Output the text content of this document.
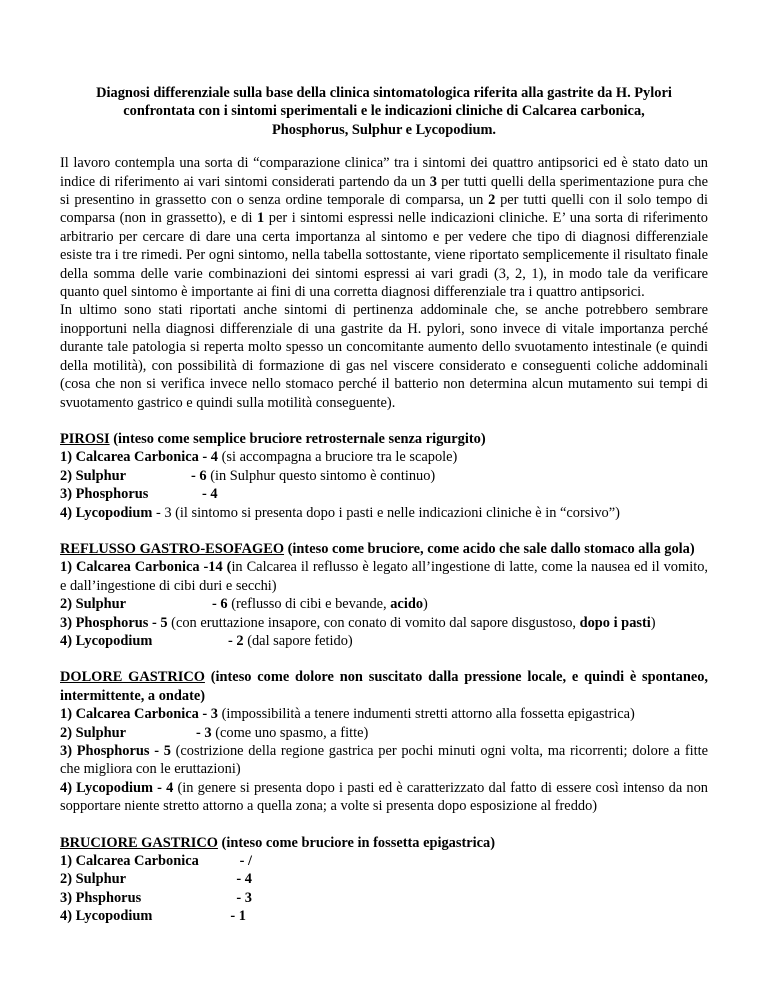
Diagnosi differenziale sulla base della clinica sintomatologica riferita alla gastrite da H. Pylori
confrontata con i sintomi sperimentali e le indicazioni cliniche di Calcarea carbonica,
Phosphorus, Sulphur e Lycopodium.

Il lavoro contempla una sorta di “comparazione clinica” tra i sintomi dei quattro antipsorici ed è stato dato un indice di riferimento ai vari sintomi considerati partendo da un 3 per tutti quelli della sperimentazione pura che si presentino in grassetto con o senza ordine temporale di comparsa, un 2 per tutti quelli con il solo tempo di comparsa (non in grassetto), e di 1 per i sintomi espressi nelle indicazioni cliniche. E’ una sorta di riferimento arbitrario per cercare di dare una certa importanza al sintomo e per vedere che tipo di diagnosi differenziale esiste tra i tre rimedi. Per ogni sintomo, nella tabella sottostante, viene riportato semplicemente il risultato finale della somma delle varie combinazioni dei sintomi espressi ai vari gradi (3, 2, 1), in modo tale da verificare quanto quel sintomo è importante ai fini di una corretta diagnosi differenziale tra i quattro antipsorici.

In ultimo sono stati riportati anche sintomi di pertinenza addominale che, se anche potrebbero sembrare inopportuni nella diagnosi differenziale di una gastrite da H. pylori, sono invece di vitale importanza perché durante tale patologia si reperta molto spesso un concomitante aumento dello svuotamento intestinale (e quindi della motilità), con possibilità di formazione di gas nel viscere considerato e conseguenti coliche addominali (cosa che non si verifica invece nello stomaco perché il batterio non determina alcun mutamento sui tempi di svuotamento gastrico e quindi sulla motilità conseguente).

PIROSI (inteso come semplice bruciore retrosternale senza rigurgito)

1) Calcarea Carbonica - 4 (si accompagna a bruciore tra le scapole)

2) Sulphur	- 6 (in Sulphur questo sintomo è continuo)

3) Phosphorus	- 4

4) Lycopodium - 3 (il sintomo si presenta dopo i pasti e nelle indicazioni cliniche è in “corsivo”)

REFLUSSO GASTRO-ESOFAGEO (inteso come bruciore, come acido che sale dallo stomaco alla gola)

1) Calcarea Carbonica -14 (in Calcarea il reflusso è legato all’ingestione di latte, come la nausea ed il vomito, e dall’ingestione di cibi duri e secchi)

2) Sulphur	- 6 (reflusso di cibi e bevande, acido)

3) Phosphorus - 5 (con eruttazione insapore, con conato di vomito dal sapore disgustoso, dopo i pasti)

4) Lycopodium	- 2 (dal sapore fetido)

DOLORE GASTRICO (inteso come dolore non suscitato dalla pressione locale, e quindi è spontaneo, intermittente, a ondate)

1) Calcarea Carbonica - 3 (impossibilità a tenere indumenti stretti attorno alla fossetta epigastrica)

2) Sulphur	- 3 (come uno spasmo, a fitte)

3) Phosphorus - 5 (costrizione della regione gastrica per pochi minuti ogni volta, ma ricorrenti; dolore a fitte che migliora con le eruttazioni)

4) Lycopodium - 4 (in genere si presenta dopo i pasti ed è caratterizzato dal fatto di essere così intenso da non sopportare niente stretto attorno a quella zona; a volte si presenta dopo esposizione al freddo)

BRUCIORE GASTRICO (inteso come bruciore in fossetta epigastrica)

1) Calcarea Carbonica	- /

2) Sulphur	- 4

3) Phsphorus	- 3

4) Lycopodium	- 1
